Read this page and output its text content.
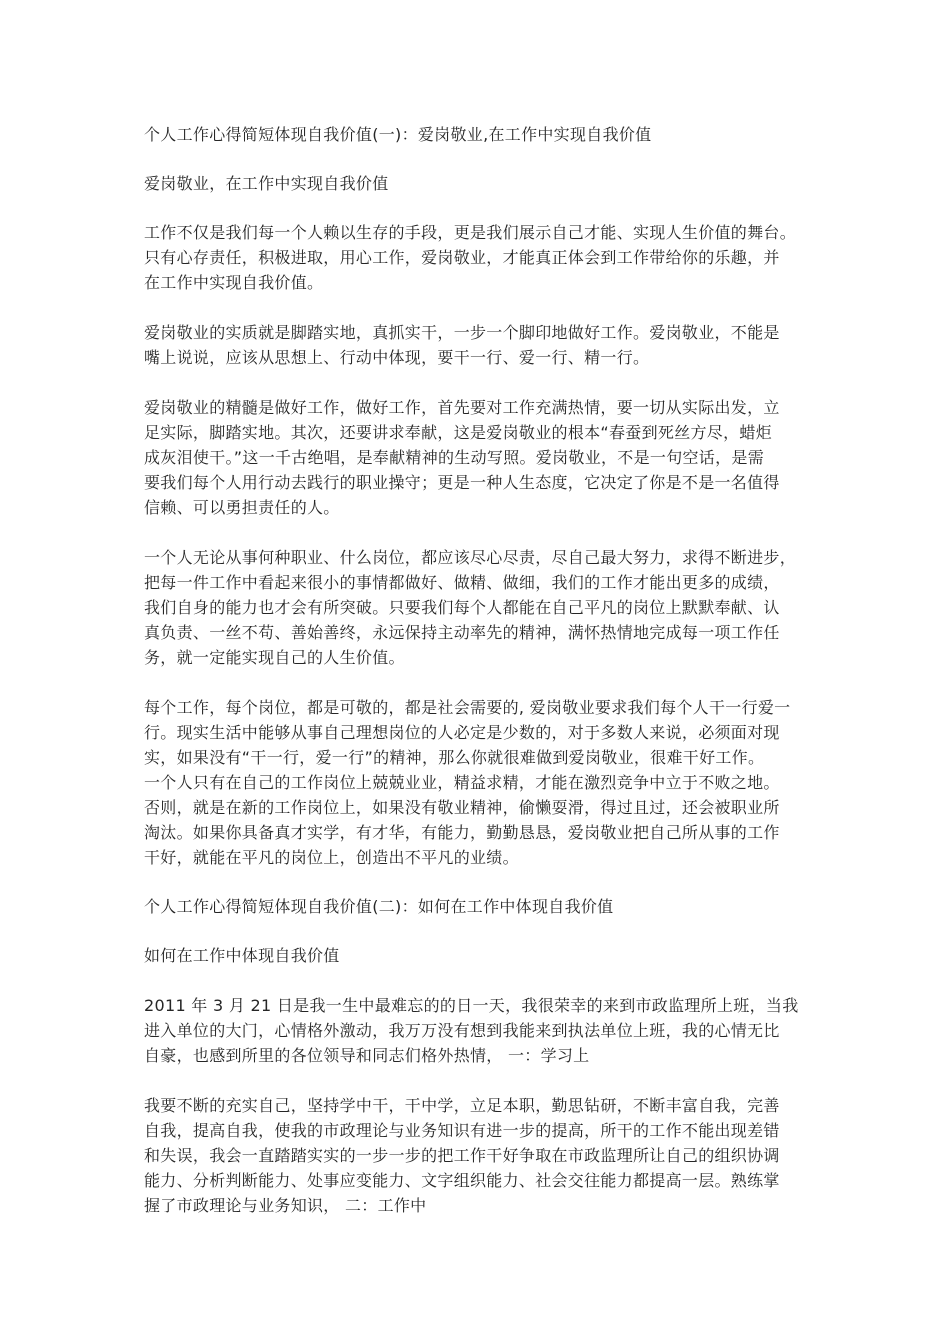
个人工作心得简短体现自我价值(一)：爱岗敬业,在工作中实现自我价值

爱岗敬业，在工作中实现自我价值

工作不仅是我们每一个人赖以生存的手段，更是我们展示自己才能、实现人生价值的舞台。
只有心存责任，积极进取，用心工作，爱岗敬业，才能真正体会到工作带给你的乐趣，并
在工作中实现自我价值。

爱岗敬业的实质就是脚踏实地，真抓实干，一步一个脚印地做好工作。爱岗敬业，不能是
嘴上说说，应该从思想上、行动中体现，要干一行、爱一行、精一行。

爱岗敬业的精髓是做好工作，做好工作，首先要对工作充满热情，要一切从实际出发，立
足实际，脚踏实地。其次，还要讲求奉献，这是爱岗敬业的根本“春蚕到死丝方尽，蜡炬
成灰泪使干。”这一千古绝唱，是奉献精神的生动写照。爱岗敬业，不是一句空话，是需
要我们每个人用行动去践行的职业操守；更是一种人生态度，它决定了你是不是一名值得
信赖、可以勇担责任的人。

一个人无论从事何种职业、什么岗位，都应该尽心尽责，尽自己最大努力，求得不断进步，
把每一件工作中看起来很小的事情都做好、做精、做细，我们的工作才能出更多的成绩，
我们自身的能力也才会有所突破。只要我们每个人都能在自己平凡的岗位上默默奉献、认
真负责、一丝不苟、善始善终，永远保持主动率先的精神，满怀热情地完成每一项工作任
务，就一定能实现自己的人生价值。

每个工作，每个岗位，都是可敬的，都是社会需要的, 爱岗敬业要求我们每个人干一行爱一
行。现实生活中能够从事自己理想岗位的人必定是少数的，对于多数人来说，必须面对现
实，如果没有“干一行，爱一行”的精神，那么你就很难做到爱岗敬业，很难干好工作。
一个人只有在自己的工作岗位上兢兢业业，精益求精，才能在激烈竞争中立于不败之地。
否则，就是在新的工作岗位上，如果没有敬业精神，偷懒耍滑，得过且过，还会被职业所
淘汰。如果你具备真才实学，有才华，有能力，勤勤恳恳，爱岗敬业把自己所从事的工作
干好，就能在平凡的岗位上，创造出不平凡的业绩。

个人工作心得简短体现自我价值(二)：如何在工作中体现自我价值

如何在工作中体现自我价值

2011 年 3 月 21 日是我一生中最难忘的的日一天，我很荣幸的来到市政监理所上班，当我
进入单位的大门，心情格外激动，我万万没有想到我能来到执法单位上班，我的心情无比
自豪，也感到所里的各位领导和同志们格外热情， 一：学习上

我要不断的充实自己，坚持学中干，干中学，立足本职，勤思钻研，不断丰富自我，完善
自我，提高自我，使我的市政理论与业务知识有进一步的提高，所干的工作不能出现差错
和失误，我会一直踏踏实实的一步一步的把工作干好争取在市政监理所让自己的组织协调
能力、分析判断能力、处事应变能力、文字组织能力、社会交往能力都提高一层。熟练掌
握了市政理论与业务知识， 二：工作中
